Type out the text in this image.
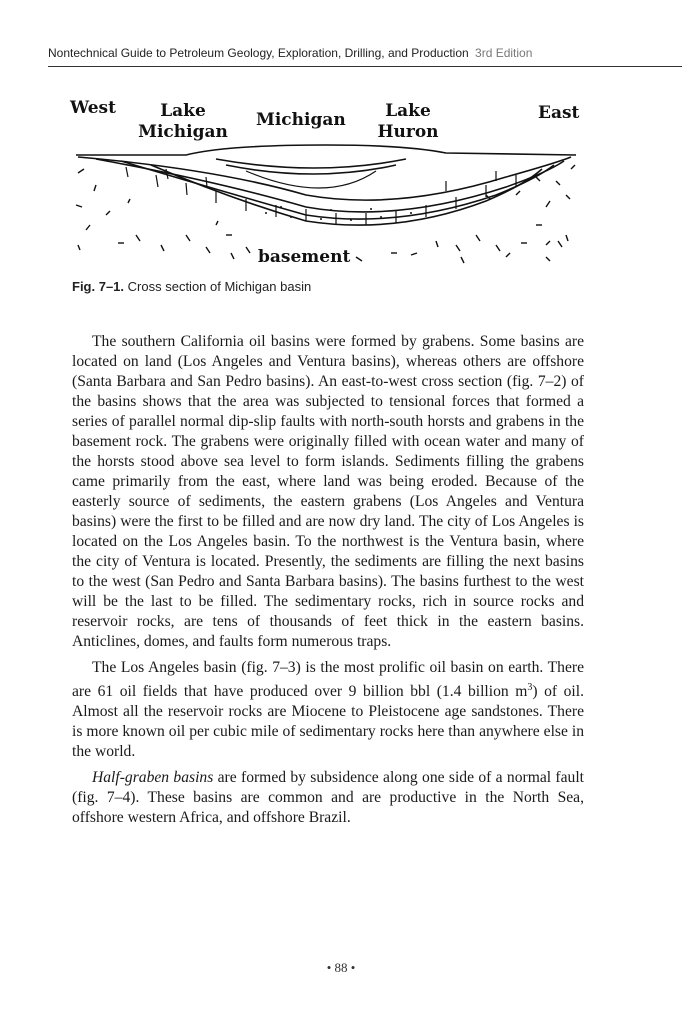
Nontechnical Guide to Petroleum Geology, Exploration, Drilling, and Production 3rd Edition
West	Lake
Michigan
Michigan	Lake
Huron
East
basement
Fig. 7–1. Cross section of Michigan basin

The southern California oil basins were formed by grabens. Some basins are located on land (Los Angeles and Ventura basins), whereas others are offshore (Santa Barbara and San Pedro basins). An east-to-west cross section (fig. 7–2) of the basins shows that the area was subjected to tensional forces that formed a series of parallel normal dip-slip faults with north-south horsts and grabens in the basement rock. The grabens were originally filled with ocean water and many of the horsts stood above sea level to form islands. Sediments filling the grabens came primarily from the east, where land was being eroded. Because of the easterly source of sediments, the eastern grabens (Los Angeles and Ventura basins) were the first to be filled and are now dry land. The city of Los Angeles is located on the Los Angeles basin. To the northwest is the Ventura basin, where the city of Ventura is located. Presently, the sediments are filling the next basins to the west (San Pedro and Santa Barbara basins). The basins furthest to the west will be the last to be filled. The sedimentary rocks, rich in source rocks and reservoir rocks, are tens of thousands of feet thick in the eastern basins. Anticlines, domes, and faults form numerous traps.

The Los Angeles basin (fig. 7–3) is the most prolific oil basin on earth. There are 61 oil fields that have produced over 9 billion bbl (1.4 billion $m^3$) of oil. Almost all the reservoir rocks are Miocene to Pleistocene age sandstones. There is more known oil per cubic mile of sedimentary rocks here than anywhere else in the world.

Half-graben basins are formed by subsidence along one side of a normal fault (fig. 7–4). These basins are common and are productive in the North Sea, offshore western Africa, and offshore Brazil.

• 88 •
